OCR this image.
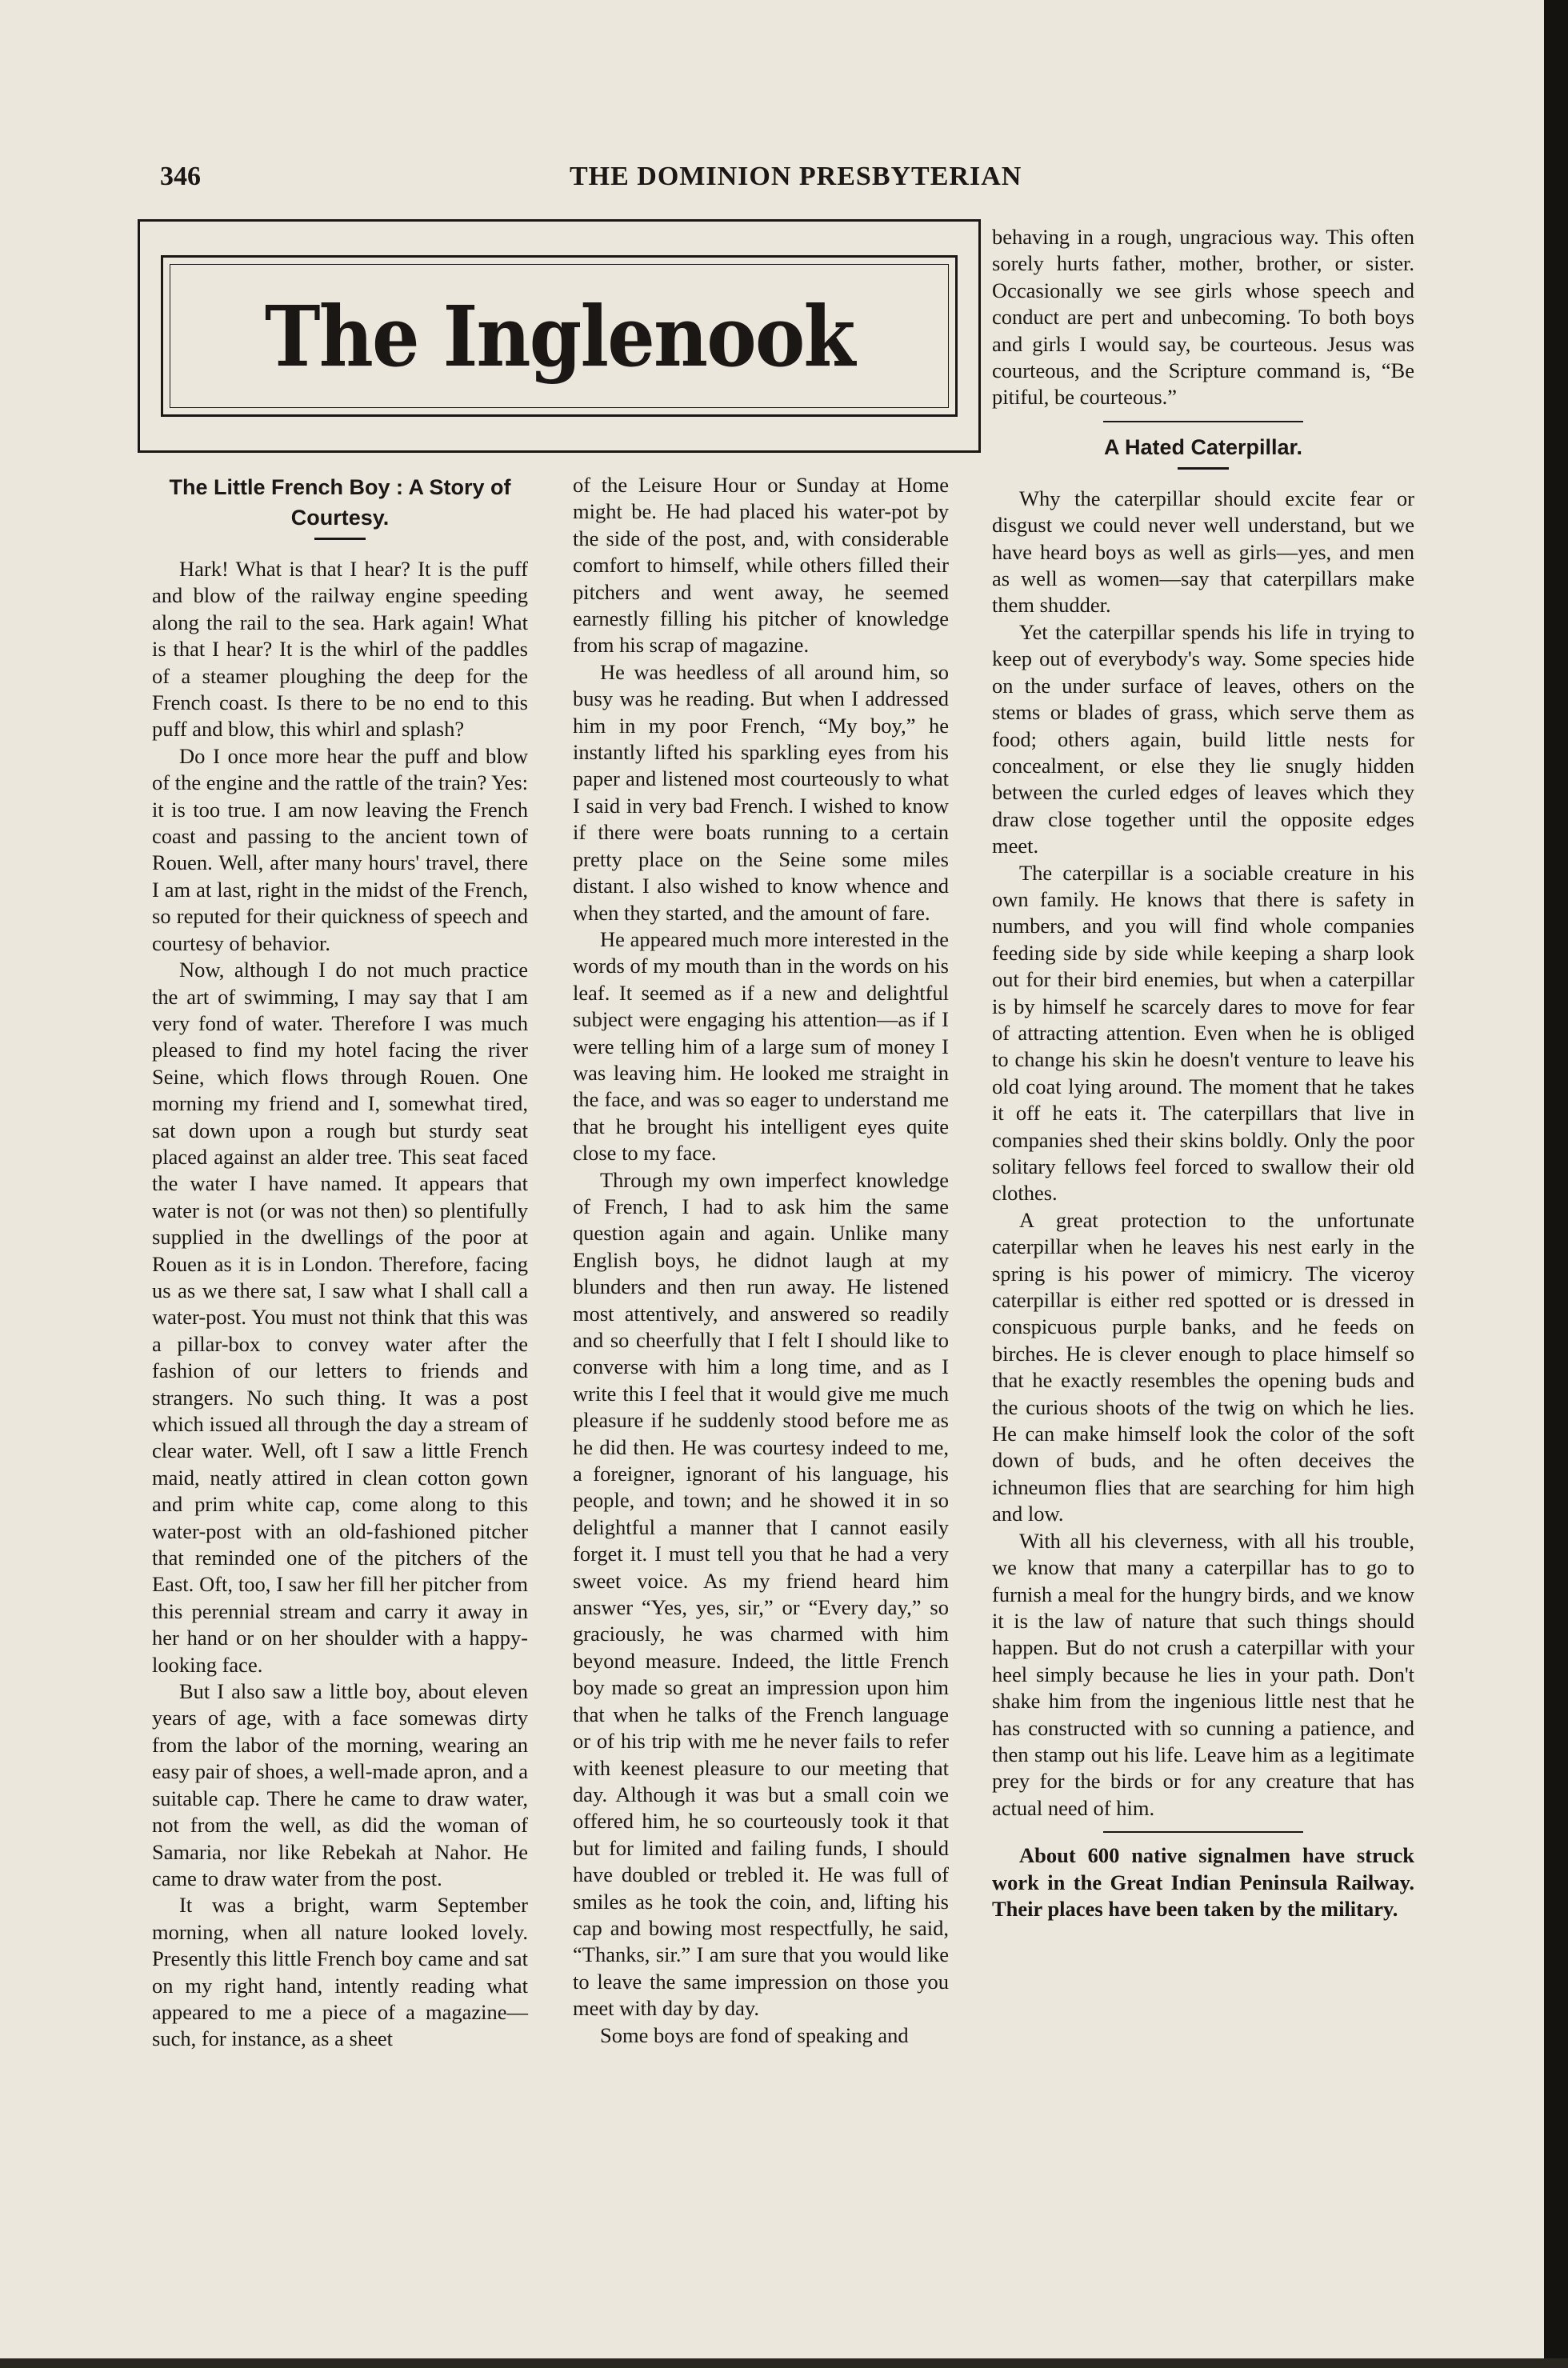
346	THE DOMINION PRESBYTERIAN
The Inglenook
The Little French Boy : A Story of Courtesy.

Hark! What is that I hear? It is the puff and blow of the railway engine speeding along the rail to the sea. Hark again! What is that I hear? It is the whirl of the paddles of a steamer ploughing the deep for the French coast. Is there to be no end to this puff and blow, this whirl and splash?

Do I once more hear the puff and blow of the engine and the rattle of the train? Yes: it is too true. I am now leaving the French coast and passing to the ancient town of Rouen. Well, after many hours' travel, there I am at last, right in the midst of the French, so reputed for their quickness of speech and courtesy of behavior.

Now, although I do not much practice the art of swimming, I may say that I am very fond of water. Therefore I was much pleased to find my hotel facing the river Seine, which flows through Rouen. One morning my friend and I, somewhat tired, sat down upon a rough but sturdy seat placed against an alder tree. This seat faced the water I have named. It appears that water is not (or was not then) so plentifully supplied in the dwellings of the poor at Rouen as it is in London. Therefore, facing us as we there sat, I saw what I shall call a water-post. You must not think that this was a pillar-box to convey water after the fashion of our letters to friends and strangers. No such thing. It was a post which issued all through the day a stream of clear water. Well, oft I saw a little French maid, neatly attired in clean cotton gown and prim white cap, come along to this water-post with an old-fashioned pitcher that reminded one of the pitchers of the East. Oft, too, I saw her fill her pitcher from this perennial stream and carry it away in her hand or on her shoulder with a happy-looking face.

But I also saw a little boy, about eleven years of age, with a face somewas dirty from the labor of the morning, wearing an easy pair of shoes, a well-made apron, and a suitable cap. There he came to draw water, not from the well, as did the woman of Samaria, nor like Rebekah at Nahor. He came to draw water from the post.

It was a bright, warm September morning, when all nature looked lovely. Presently this little French boy came and sat on my right hand, intently reading what appeared to me a piece of a magazine—such, for instance, as a sheet

of the Leisure Hour or Sunday at Home might be. He had placed his water-pot by the side of the post, and, with considerable comfort to himself, while others filled their pitchers and went away, he seemed earnestly filling his pitcher of knowledge from his scrap of magazine.

He was heedless of all around him, so busy was he reading. But when I addressed him in my poor French, “My boy,” he instantly lifted his sparkling eyes from his paper and listened most courteously to what I said in very bad French. I wished to know if there were boats running to a certain pretty place on the Seine some miles distant. I also wished to know whence and when they started, and the amount of fare.

He appeared much more interested in the words of my mouth than in the words on his leaf. It seemed as if a new and delightful subject were engaging his attention—as if I were telling him of a large sum of money I was leaving him. He looked me straight in the face, and was so eager to understand me that he brought his intelligent eyes quite close to my face.

Through my own imperfect knowledge of French, I had to ask him the same question again and again. Unlike many English boys, he didnot laugh at my blunders and then run away. He listened most attentively, and answered so readily and so cheerfully that I felt I should like to converse with him a long time, and as I write this I feel that it would give me much pleasure if he suddenly stood before me as he did then. He was courtesy indeed to me, a foreigner, ignorant of his language, his people, and town; and he showed it in so delightful a manner that I cannot easily forget it. I must tell you that he had a very sweet voice. As my friend heard him answer “Yes, yes, sir,” or “Every day,” so graciously, he was charmed with him beyond measure. Indeed, the little French boy made so great an impression upon him that when he talks of the French language or of his trip with me he never fails to refer with keenest pleasure to our meeting that day. Although it was but a small coin we offered him, he so courteously took it that but for limited and failing funds, I should have doubled or trebled it. He was full of smiles as he took the coin, and, lifting his cap and bowing most respectfully, he said, “Thanks, sir.” I am sure that you would like to leave the same impression on those you meet with day by day.

Some boys are fond of speaking and

behaving in a rough, ungracious way. This often sorely hurts father, mother, brother, or sister. Occasionally we see girls whose speech and conduct are pert and unbecoming. To both boys and girls I would say, be courteous. Jesus was courteous, and the Scripture command is, “Be pitiful, be courteous.”

A Hated Caterpillar.

Why the caterpillar should excite fear or disgust we could never well understand, but we have heard boys as well as girls—yes, and men as well as women—say that caterpillars make them shudder.

Yet the caterpillar spends his life in trying to keep out of everybody's way. Some species hide on the under surface of leaves, others on the stems or blades of grass, which serve them as food; others again, build little nests for concealment, or else they lie snugly hidden between the curled edges of leaves which they draw close together until the opposite edges meet.

The caterpillar is a sociable creature in his own family. He knows that there is safety in numbers, and you will find whole companies feeding side by side while keeping a sharp look out for their bird enemies, but when a caterpillar is by himself he scarcely dares to move for fear of attracting attention. Even when he is obliged to change his skin he doesn't venture to leave his old coat lying around. The moment that he takes it off he eats it. The caterpillars that live in companies shed their skins boldly. Only the poor solitary fellows feel forced to swallow their old clothes.

A great protection to the unfortunate caterpillar when he leaves his nest early in the spring is his power of mimicry. The viceroy caterpillar is either red spotted or is dressed in conspicuous purple banks, and he feeds on birches. He is clever enough to place himself so that he exactly resembles the opening buds and the curious shoots of the twig on which he lies. He can make himself look the color of the soft down of buds, and he often deceives the ichneumon flies that are searching for him high and low.

With all his cleverness, with all his trouble, we know that many a caterpillar has to go to furnish a meal for the hungry birds, and we know it is the law of nature that such things should happen. But do not crush a caterpillar with your heel simply because he lies in your path. Don't shake him from the ingenious little nest that he has constructed with so cunning a patience, and then stamp out his life. Leave him as a legitimate prey for the birds or for any creature that has actual need of him.

About 600 native signalmen have struck work in the Great Indian Peninsula Railway. Their places have been taken by the military.
